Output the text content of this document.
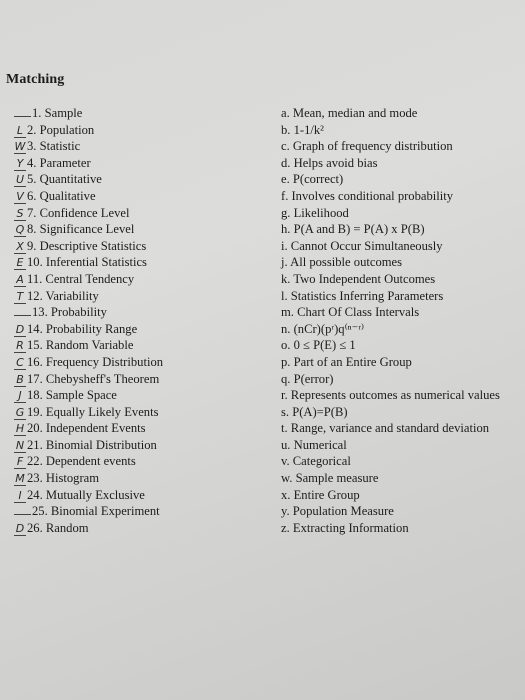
Matching
1. Sample
L 2. Population
W 3. Statistic
Y 4. Parameter
U 5. Quantitative
V 6. Qualitative
S 7. Confidence Level
Q 8. Significance Level
X 9. Descriptive Statistics
E 10. Inferential Statistics
A 11. Central Tendency
T 12. Variability
13. Probability
D 14. Probability Range
R 15. Random Variable
C 16. Frequency Distribution
B 17. Chebysheff's Theorem
J 18. Sample Space
G 19. Equally Likely Events
H 20. Independent Events
N 21. Binomial Distribution
F 22. Dependent events
M 23. Histogram
I 24. Mutually Exclusive
25. Binomial Experiment
D 26. Random
a. Mean, median and mode
b. 1-1/k²
c. Graph of frequency distribution
d. Helps avoid bias
e. P(correct)
f. Involves conditional probability
g. Likelihood
h. P(A and B) = P(A) x P(B)
i. Cannot Occur Simultaneously
j. All possible outcomes
k. Two Independent Outcomes
l. Statistics Inferring Parameters
m. Chart Of Class Intervals
n. (nCr)(pʳ)q⁽ⁿ⁻ʳ⁾
o. 0 ≤ P(E) ≤ 1
p. Part of an Entire Group
q. P(error)
r. Represents outcomes as numerical values
s. P(A)=P(B)
t. Range, variance and standard deviation
u. Numerical
v. Categorical
w. Sample measure
x. Entire Group
y. Population Measure
z. Extracting Information
